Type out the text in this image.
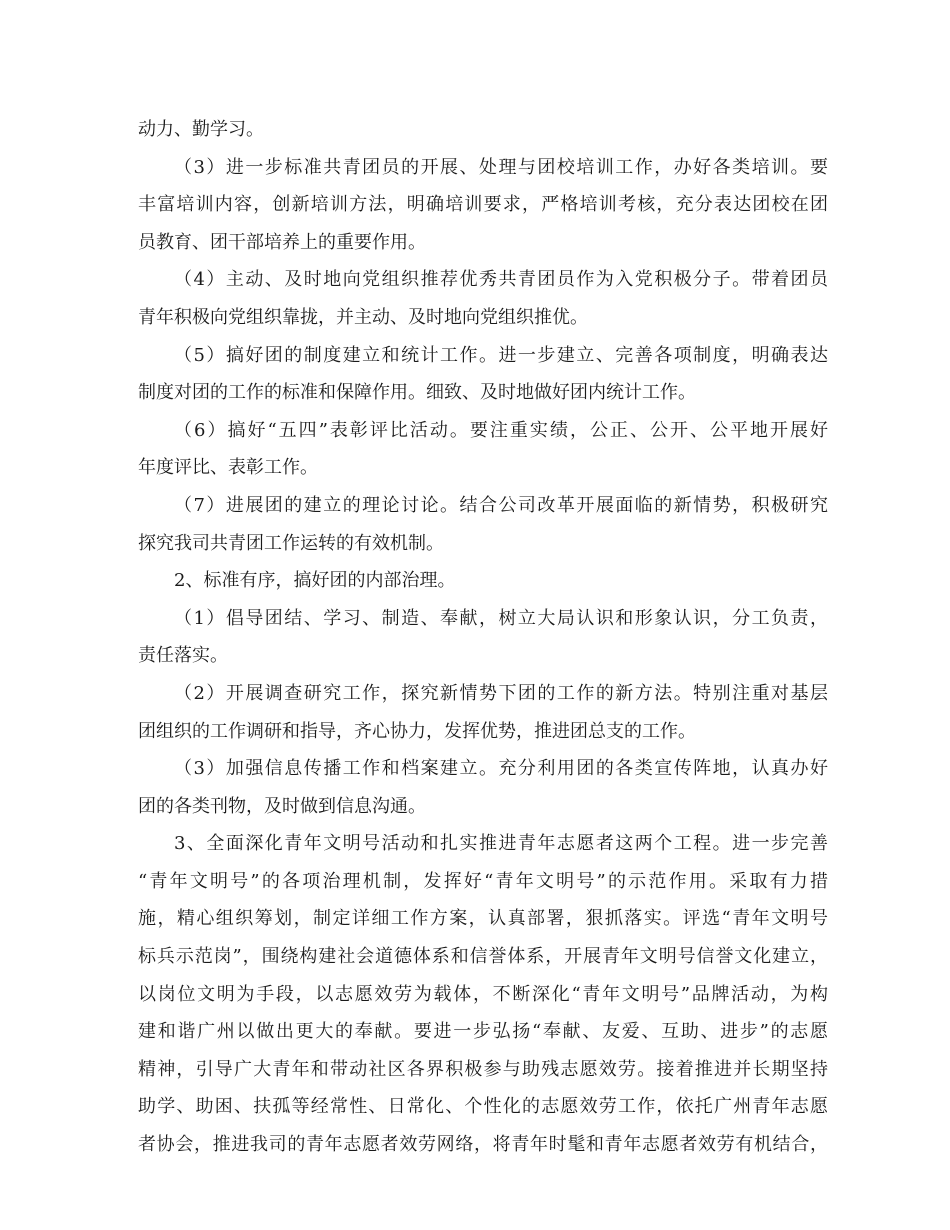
动力、勤学习。
（3）进一步标准共青团员的开展、处理与团校培训工作，办好各类培训。要
丰富培训内容，创新培训方法，明确培训要求，严格培训考核，充分表达团校在团
员教育、团干部培养上的重要作用。
（4）主动、及时地向党组织推荐优秀共青团员作为入党积极分子。带着团员
青年积极向党组织靠拢，并主动、及时地向党组织推优。
（5）搞好团的制度建立和统计工作。进一步建立、完善各项制度，明确表达
制度对团的工作的标准和保障作用。细致、及时地做好团内统计工作。
（6）搞好“五四”表彰评比活动。要注重实绩，公正、公开、公平地开展好
年度评比、表彰工作。
（7）进展团的建立的理论讨论。结合公司改革开展面临的新情势，积极研究
探究我司共青团工作运转的有效机制。
2、标准有序，搞好团的内部治理。
（1）倡导团结、学习、制造、奉献，树立大局认识和形象认识，分工负责，
责任落实。
（2）开展调查研究工作，探究新情势下团的工作的新方法。特别注重对基层
团组织的工作调研和指导，齐心协力，发挥优势，推进团总支的工作。
（3）加强信息传播工作和档案建立。充分利用团的各类宣传阵地，认真办好
团的各类刊物，及时做到信息沟通。
3、全面深化青年文明号活动和扎实推进青年志愿者这两个工程。进一步完善
“青年文明号”的各项治理机制，发挥好“青年文明号”的示范作用。采取有力措
施，精心组织筹划，制定详细工作方案，认真部署，狠抓落实。评选“青年文明号
标兵示范岗”，围绕构建社会道德体系和信誉体系，开展青年文明号信誉文化建立，
以岗位文明为手段，以志愿效劳为载体，不断深化“青年文明号”品牌活动，为构
建和谐广州以做出更大的奉献。要进一步弘扬“奉献、友爱、互助、进步”的志愿
精神，引导广大青年和带动社区各界积极参与助残志愿效劳。接着推进并长期坚持
助学、助困、扶孤等经常性、日常化、个性化的志愿效劳工作，依托广州青年志愿
者协会，推进我司的青年志愿者效劳网络，将青年时髦和青年志愿者效劳有机结合，
